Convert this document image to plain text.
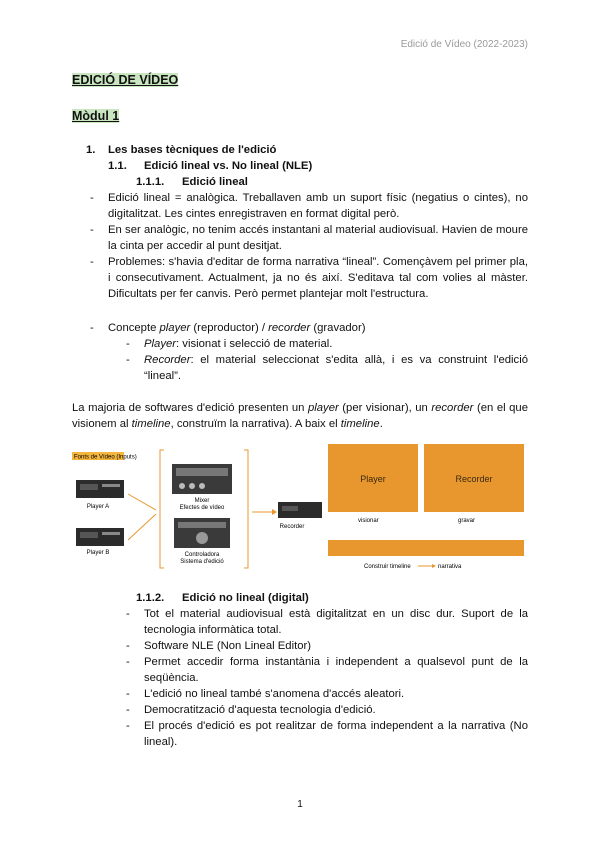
Edició de Vídeo (2022-2023)
EDICIÓ DE VÍDEO
Mòdul 1
1. Les bases tècniques de l'edició
1.1. Edició lineal vs. No lineal (NLE)
1.1.1. Edició lineal
- Edició lineal = analògica. Treballaven amb un suport físic (negatius o cintes), no digitalitzat. Les cintes enregistraven en format digital però.
- En ser analògic, no tenim accés instantani al material audiovisual. Havien de moure la cinta per accedir al punt desitjat.
- Problemes: s'havia d'editar de forma narrativa “lineal”. Començàvem pel primer pla, i consecutivament. Actualment, ja no és així. S'editava tal com volies al màster. Dificultats per fer canvis. Però permet plantejar molt l'estructura.
- Concepte player (reproductor) / recorder (gravador)
- Player: visionat i selecció de material.
- Recorder: el material seleccionat s'edita allà, i es va construint l'edició “lineal”.
La majoria de softwares d'edició presenten un player (per visionar), un recorder (en el que visionem al timeline, construïm la narrativa). A baix el timeline.
Fonts de Vídeo (Inputs)
Player A
Player B
Mixer
Efectes de vídeo
Controladora
Sistema d'edició
Recorder
Player	Recorder
visionar	gravar
Construir timeline	narrativa
1.1.2. Edició no lineal (digital)
- Tot el material audiovisual està digitalitzat en un disc dur. Suport de la tecnologia informàtica total.
- Software NLE (Non Lineal Editor)
- Permet accedir forma instantània i independent a qualsevol punt de la seqüència.
- L'edició no lineal també s'anomena d'accés aleatori.
- Democratització d'aquesta tecnologia d'edició.
- El procés d'edició es pot realitzar de forma independent a la narrativa (No lineal).
1
